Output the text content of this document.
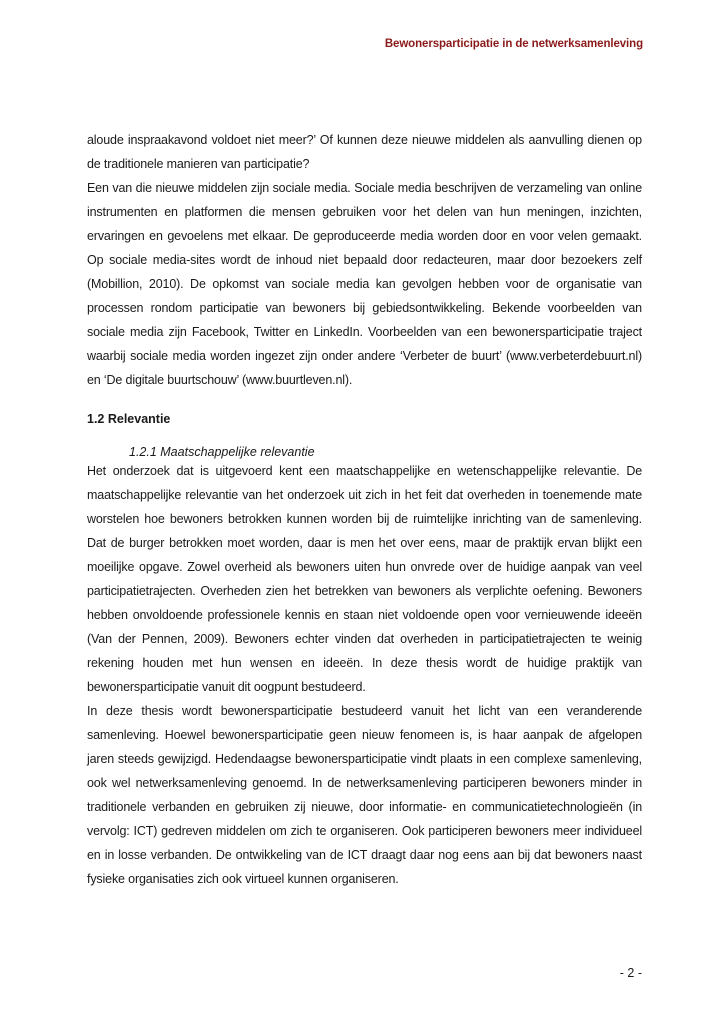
Bewonersparticipatie in de netwerksamenleving

aloude inspraakavond voldoet niet meer?’ Of kunnen deze nieuwe middelen als aanvulling dienen op de traditionele manieren van participatie?

Een van die nieuwe middelen zijn sociale media. Sociale media beschrijven de verzameling van online instrumenten en platformen die mensen gebruiken voor het delen van hun meningen, inzichten, ervaringen en gevoelens met elkaar. De geproduceerde media worden door en voor velen gemaakt. Op sociale media-sites wordt de inhoud niet bepaald door redacteuren, maar door bezoekers zelf (Mobillion, 2010). De opkomst van sociale media kan gevolgen hebben voor de organisatie van processen rondom participatie van bewoners bij gebiedsontwikkeling. Bekende voorbeelden van sociale media zijn Facebook, Twitter en LinkedIn. Voorbeelden van een bewonersparticipatie traject waarbij sociale media worden ingezet zijn onder andere ‘Verbeter de buurt’ (www.verbeterdebuurt.nl) en ‘De digitale buurtschouw’ (www.buurtleven.nl).

1.2 Relevantie
1.2.1 Maatschappelijke relevantie

Het onderzoek dat is uitgevoerd kent een maatschappelijke en wetenschappelijke relevantie. De maatschappelijke relevantie van het onderzoek uit zich in het feit dat overheden in toenemende mate worstelen hoe bewoners betrokken kunnen worden bij de ruimtelijke inrichting van de samenleving. Dat de burger betrokken moet worden, daar is men het over eens, maar de praktijk ervan blijkt een moeilijke opgave. Zowel overheid als bewoners uiten hun onvrede over de huidige aanpak van veel participatietrajecten. Overheden zien het betrekken van bewoners als verplichte oefening. Bewoners hebben onvoldoende professionele kennis en staan niet voldoende open voor vernieuwende ideeën (Van der Pennen, 2009). Bewoners echter vinden dat overheden in participatietrajecten te weinig rekening houden met hun wensen en ideeën. In deze thesis wordt de huidige praktijk van bewonersparticipatie vanuit dit oogpunt bestudeerd.

In deze thesis wordt bewonersparticipatie bestudeerd vanuit het licht van een veranderende samenleving. Hoewel bewonersparticipatie geen nieuw fenomeen is, is haar aanpak de afgelopen jaren steeds gewijzigd. Hedendaagse bewonersparticipatie vindt plaats in een complexe samenleving, ook wel netwerksamenleving genoemd. In de netwerksamenleving participeren bewoners minder in traditionele verbanden en gebruiken zij nieuwe, door informatie- en communicatietechnologieën (in vervolg: ICT) gedreven middelen om zich te organiseren. Ook participeren bewoners meer individueel en in losse verbanden. De ontwikkeling van de ICT draagt daar nog eens aan bij dat bewoners naast fysieke organisaties zich ook virtueel kunnen organiseren.

- 2 -
